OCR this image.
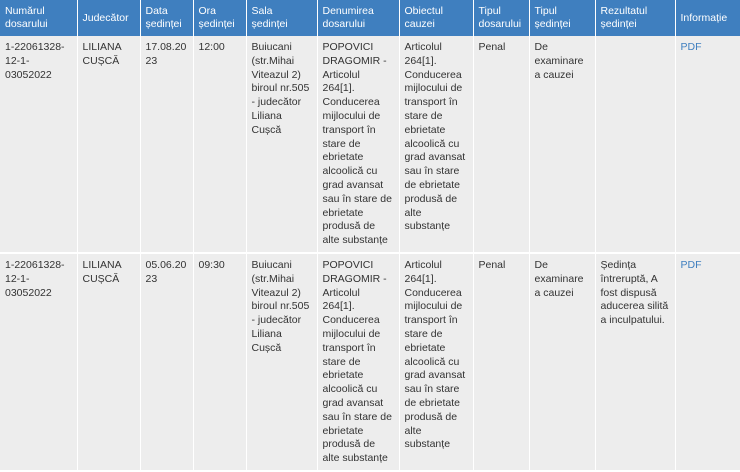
Numărul dosarului	Judecător	Data ședinței	Ora ședinței	Sala ședinței	Denumirea dosarului	Obiectul cauzei	Tipul dosarului	Tipul ședinței	Rezultatul ședinței	Informație
1-22061328-12-1-03052022	LILIANA CUȘCĂ	17.08.2023	12:00	Buiucani (str.Mihai Viteazul 2) biroul nr.505 - judecător Liliana Cușcă	POPOVICI DRAGOMIR - Articolul 264[1]. Conducerea mijlocului de transport în stare de ebrietate alcoolică cu grad avansat sau în stare de ebrietate produsă de alte substanțe	Articolul 264[1]. Conducerea mijlocului de transport în stare de ebrietate alcoolică cu grad avansat sau în stare de ebrietate produsă de alte substanțe	Penal	De examinare a cauzei		PDF
1-22061328-12-1-03052022	LILIANA CUȘCĂ	05.06.2023	09:30	Buiucani (str.Mihai Viteazul 2) biroul nr.505 - judecător Liliana Cușcă	POPOVICI DRAGOMIR - Articolul 264[1]. Conducerea mijlocului de transport în stare de ebrietate alcoolică cu grad avansat sau în stare de ebrietate produsă de alte substanțe	Articolul 264[1]. Conducerea mijlocului de transport în stare de ebrietate alcoolică cu grad avansat sau în stare de ebrietate produsă de alte substanțe	Penal	De examinare a cauzei	Ședința întreruptă, A fost dispusă aducerea silită a inculpatului.	PDF
